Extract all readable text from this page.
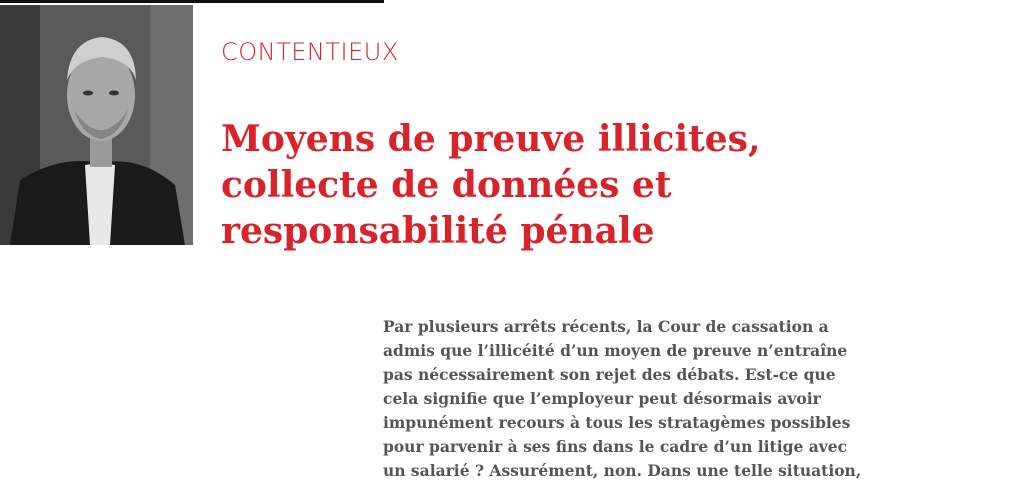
CONTENTIEUX
Moyens de preuve illicites,
collecte de données et
responsabilité pénale
Par plusieurs arrêts récents, la Cour de cassation a
admis que l’illicéité d’un moyen de preuve n’entraîne
pas nécessairement son rejet des débats. Est-ce que
cela signifie que l’employeur peut désormais avoir
impunément recours à tous les stratagèmes possibles
pour parvenir à ses fins dans le cadre d’un litige avec
un salarié ? Assurément, non. Dans une telle situation,
